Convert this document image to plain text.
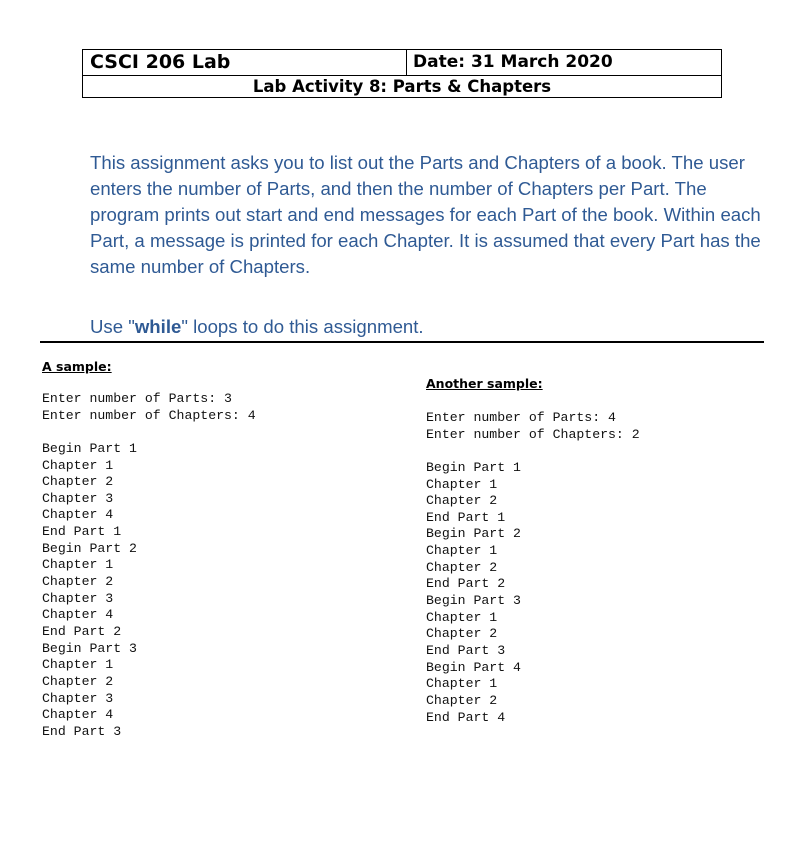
CSCI 206 Lab	Date: 31 March 2020
Lab Activity 8: Parts & Chapters

This assignment asks you to list out the Parts and Chapters of a book. The user enters the number of Parts, and then the number of Chapters per Part. The program prints out start and end messages for each Part of the book. Within each Part, a message is printed for each Chapter. It is assumed that every Part has the same number of Chapters.

Use "while" loops to do this assignment.

A sample:

Enter number of Parts: 3
Enter number of Chapters: 4
Begin Part 1
Chapter 1
Chapter 2
Chapter 3
Chapter 4
End Part 1
Begin Part 2
Chapter 1
Chapter 2
Chapter 3
Chapter 4
End Part 2
Begin Part 3
Chapter 1
Chapter 2
Chapter 3
Chapter 4
End Part 3

Another sample:

Enter number of Parts: 4
Enter number of Chapters: 2
Begin Part 1
Chapter 1
Chapter 2
End Part 1
Begin Part 2
Chapter 1
Chapter 2
End Part 2
Begin Part 3
Chapter 1
Chapter 2
End Part 3
Begin Part 4
Chapter 1
Chapter 2
End Part 4
